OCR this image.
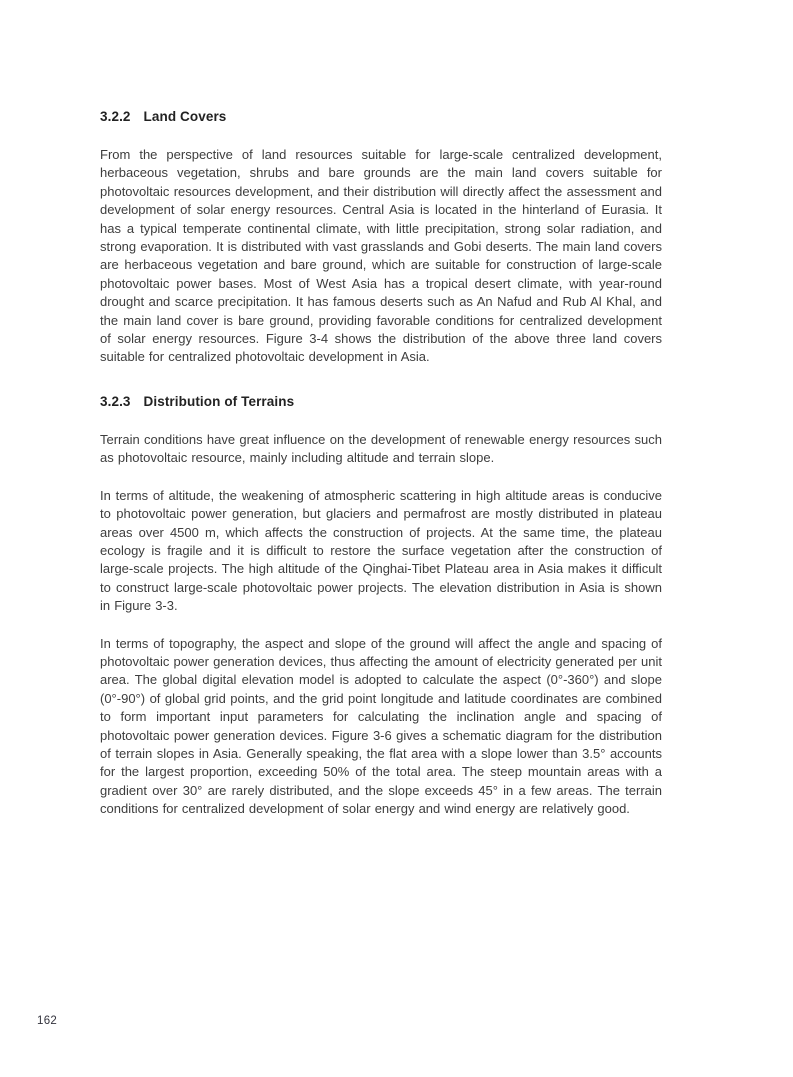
3.2.2 Land Covers

From the perspective of land resources suitable for large-scale centralized development, herbaceous vegetation, shrubs and bare grounds are the main land covers suitable for photovoltaic resources development, and their distribution will directly affect the assessment and development of solar energy resources. Central Asia is located in the hinterland of Eurasia. It has a typical temperate continental climate, with little precipitation, strong solar radiation, and strong evaporation. It is distributed with vast grasslands and Gobi deserts. The main land covers are herbaceous vegetation and bare ground, which are suitable for construction of large-scale photovoltaic power bases. Most of West Asia has a tropical desert climate, with year-round drought and scarce precipitation. It has famous deserts such as An Nafud and Rub Al Khal, and the main land cover is bare ground, providing favorable conditions for centralized development of solar energy resources. Figure 3-4 shows the distribution of the above three land covers suitable for centralized photovoltaic development in Asia.

3.2.3 Distribution of Terrains

Terrain conditions have great influence on the development of renewable energy resources such as photovoltaic resource, mainly including altitude and terrain slope.

In terms of altitude, the weakening of atmospheric scattering in high altitude areas is conducive to photovoltaic power generation, but glaciers and permafrost are mostly distributed in plateau areas over 4500 m, which affects the construction of projects. At the same time, the plateau ecology is fragile and it is difficult to restore the surface vegetation after the construction of large-scale projects. The high altitude of the Qinghai-Tibet Plateau area in Asia makes it difficult to construct large-scale photovoltaic power projects. The elevation distribution in Asia is shown in Figure 3-3.

In terms of topography, the aspect and slope of the ground will affect the angle and spacing of photovoltaic power generation devices, thus affecting the amount of electricity generated per unit area. The global digital elevation model is adopted to calculate the aspect (0°-360°) and slope (0°-90°) of global grid points, and the grid point longitude and latitude coordinates are combined to form important input parameters for calculating the inclination angle and spacing of photovoltaic power generation devices. Figure 3-6 gives a schematic diagram for the distribution of terrain slopes in Asia. Generally speaking, the flat area with a slope lower than 3.5° accounts for the largest proportion, exceeding 50% of the total area. The steep mountain areas with a gradient over 30° are rarely distributed, and the slope exceeds 45° in a few areas. The terrain conditions for centralized development of solar energy and wind energy are relatively good.

162
